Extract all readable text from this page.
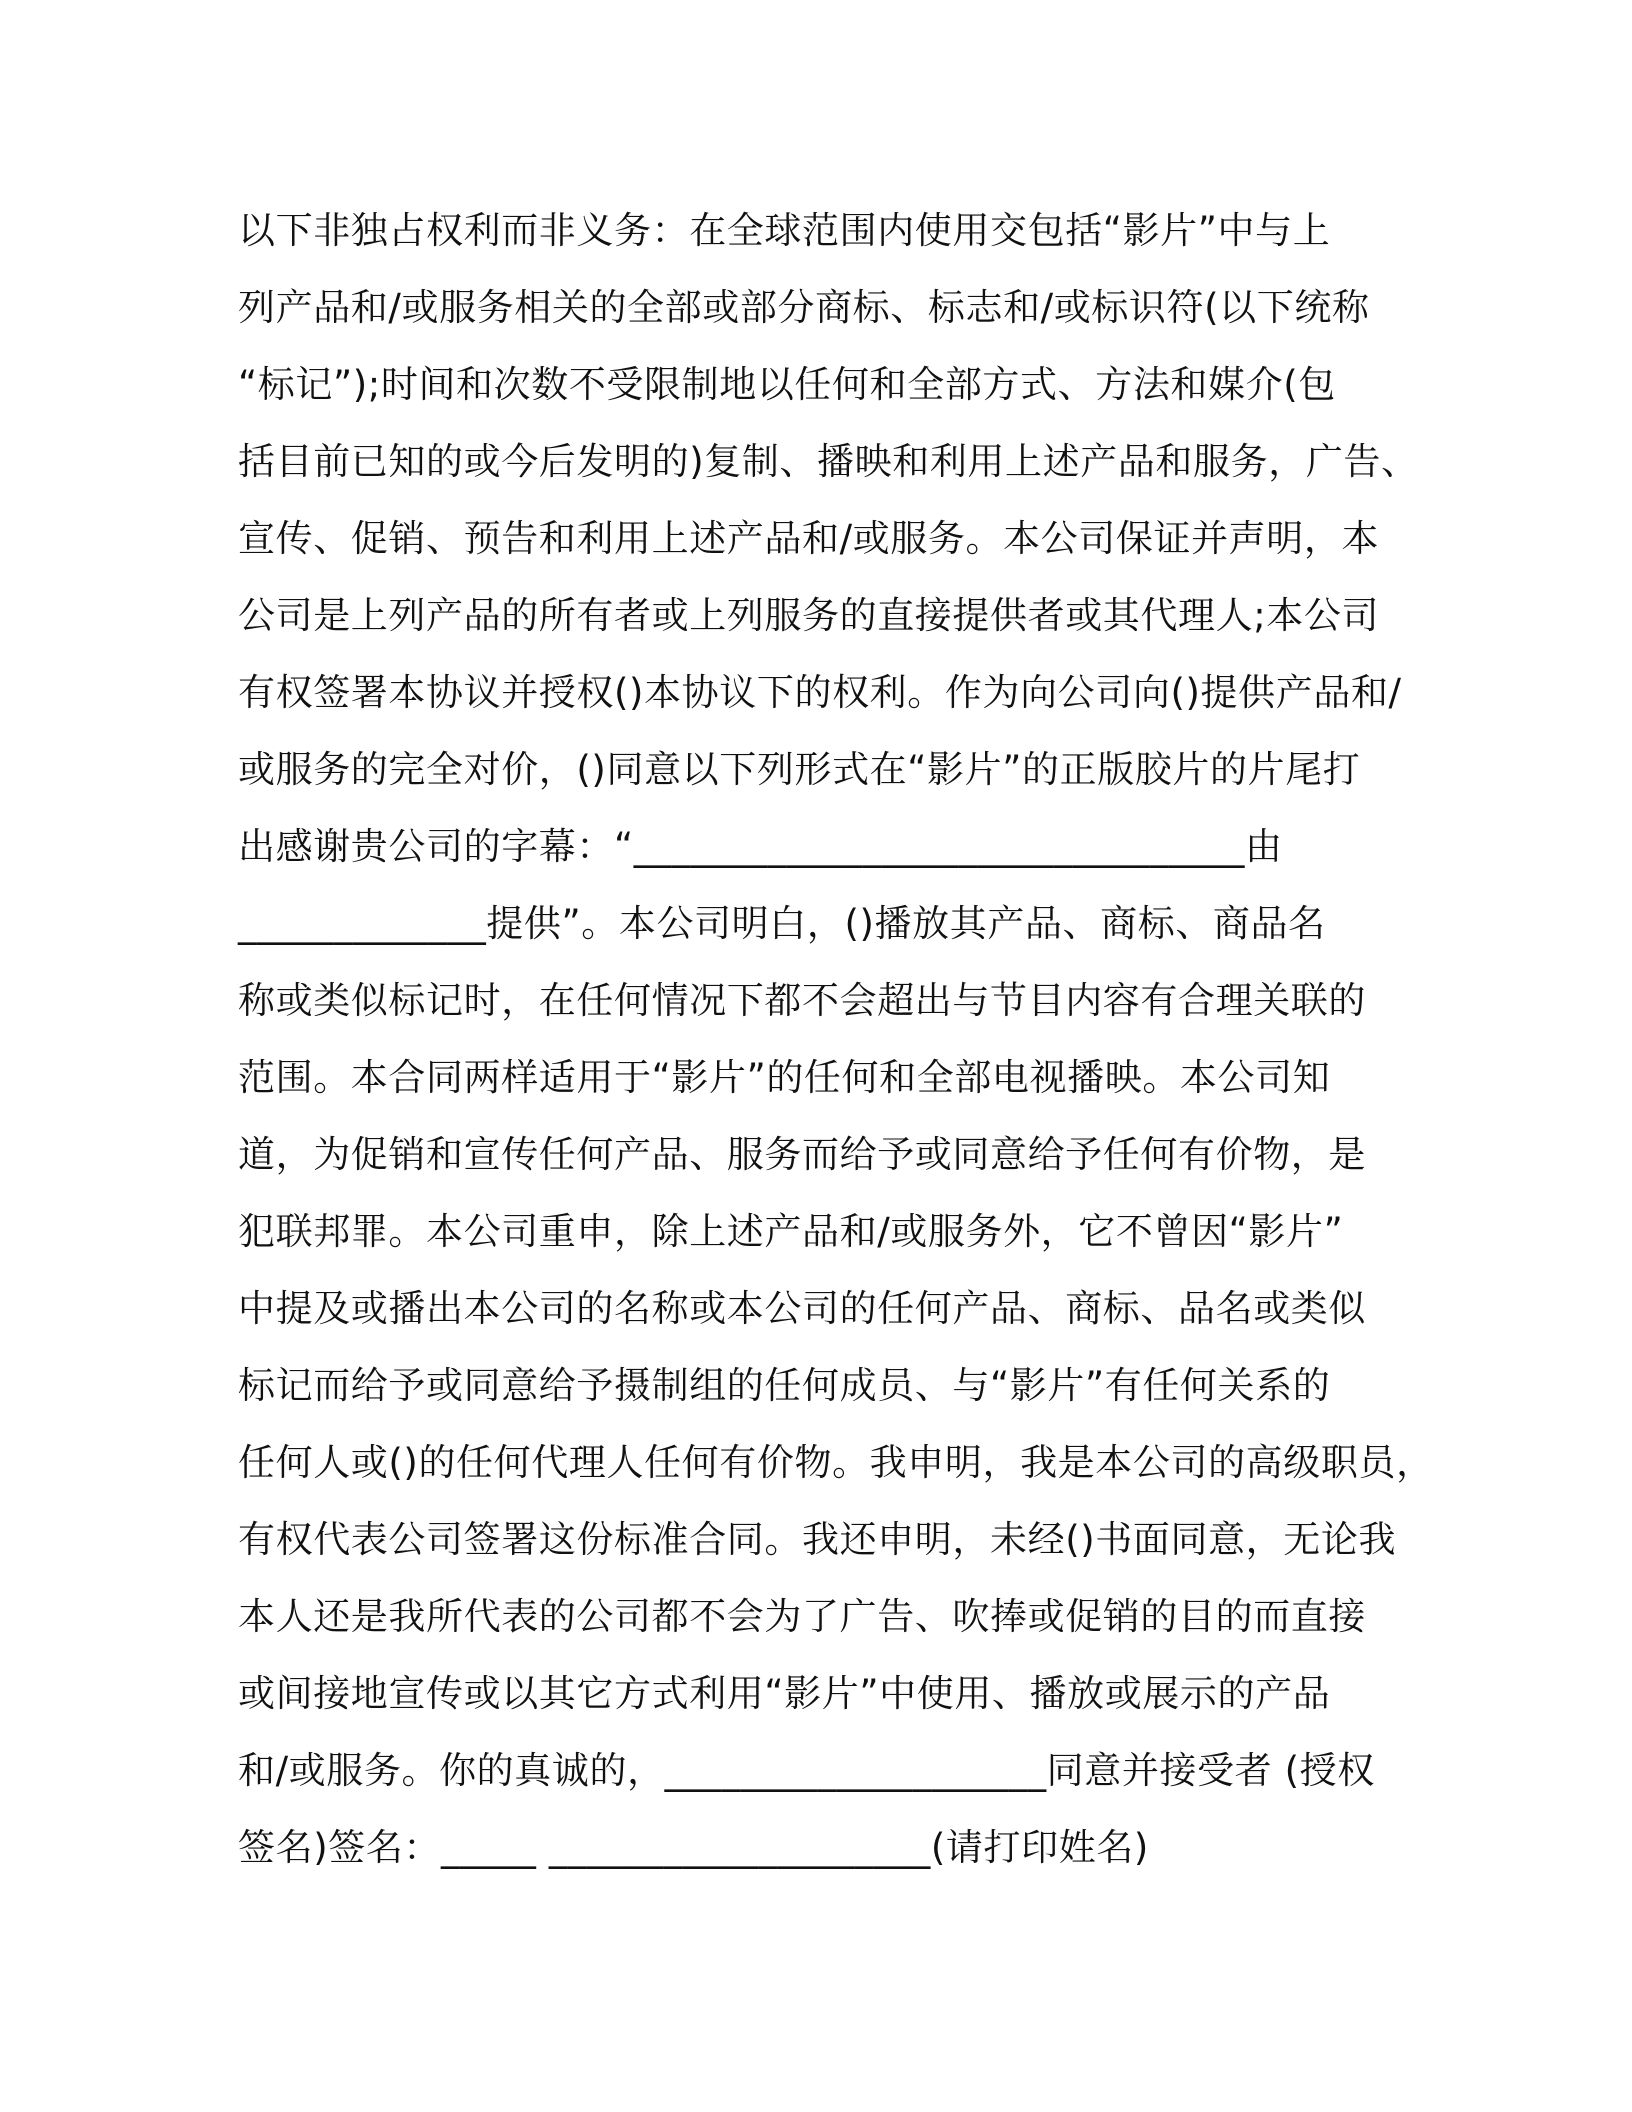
以下非独占权利而非义务：在全球范围内使用交包括“影片”中与上
列产品和/或服务相关的全部或部分商标、标志和/或标识符(以下统称
“标记”);时间和次数不受限制地以任何和全部方式、方法和媒介(包
括目前已知的或今后发明的)复制、播映和利用上述产品和服务，广告、
宣传、促销、预告和利用上述产品和/或服务。本公司保证并声明，本
公司是上列产品的所有者或上列服务的直接提供者或其代理人;本公司
有权签署本协议并授权()本协议下的权利。作为向公司向()提供产品和/
或服务的完全对价，()同意以下列形式在“影片”的正版胶片的片尾打
出感谢贵公司的字幕：“________________________________由
_____________提供”。本公司明白，()播放其产品、商标、商品名
称或类似标记时，在任何情况下都不会超出与节目内容有合理关联的
范围。本合同两样适用于“影片”的任何和全部电视播映。本公司知
道，为促销和宣传任何产品、服务而给予或同意给予任何有价物，是
犯联邦罪。本公司重申，除上述产品和/或服务外，它不曾因“影片”
中提及或播出本公司的名称或本公司的任何产品、商标、品名或类似
标记而给予或同意给予摄制组的任何成员、与“影片”有任何关系的
任何人或()的任何代理人任何有价物。我申明，我是本公司的高级职员，
有权代表公司签署这份标准合同。我还申明，未经()书面同意，无论我
本人还是我所代表的公司都不会为了广告、吹捧或促销的目的而直接
或间接地宣传或以其它方式利用“影片”中使用、播放或展示的产品
和/或服务。你的真诚的，____________________同意并接受者 (授权
签名)签名：_____ ____________________(请打印姓名)
